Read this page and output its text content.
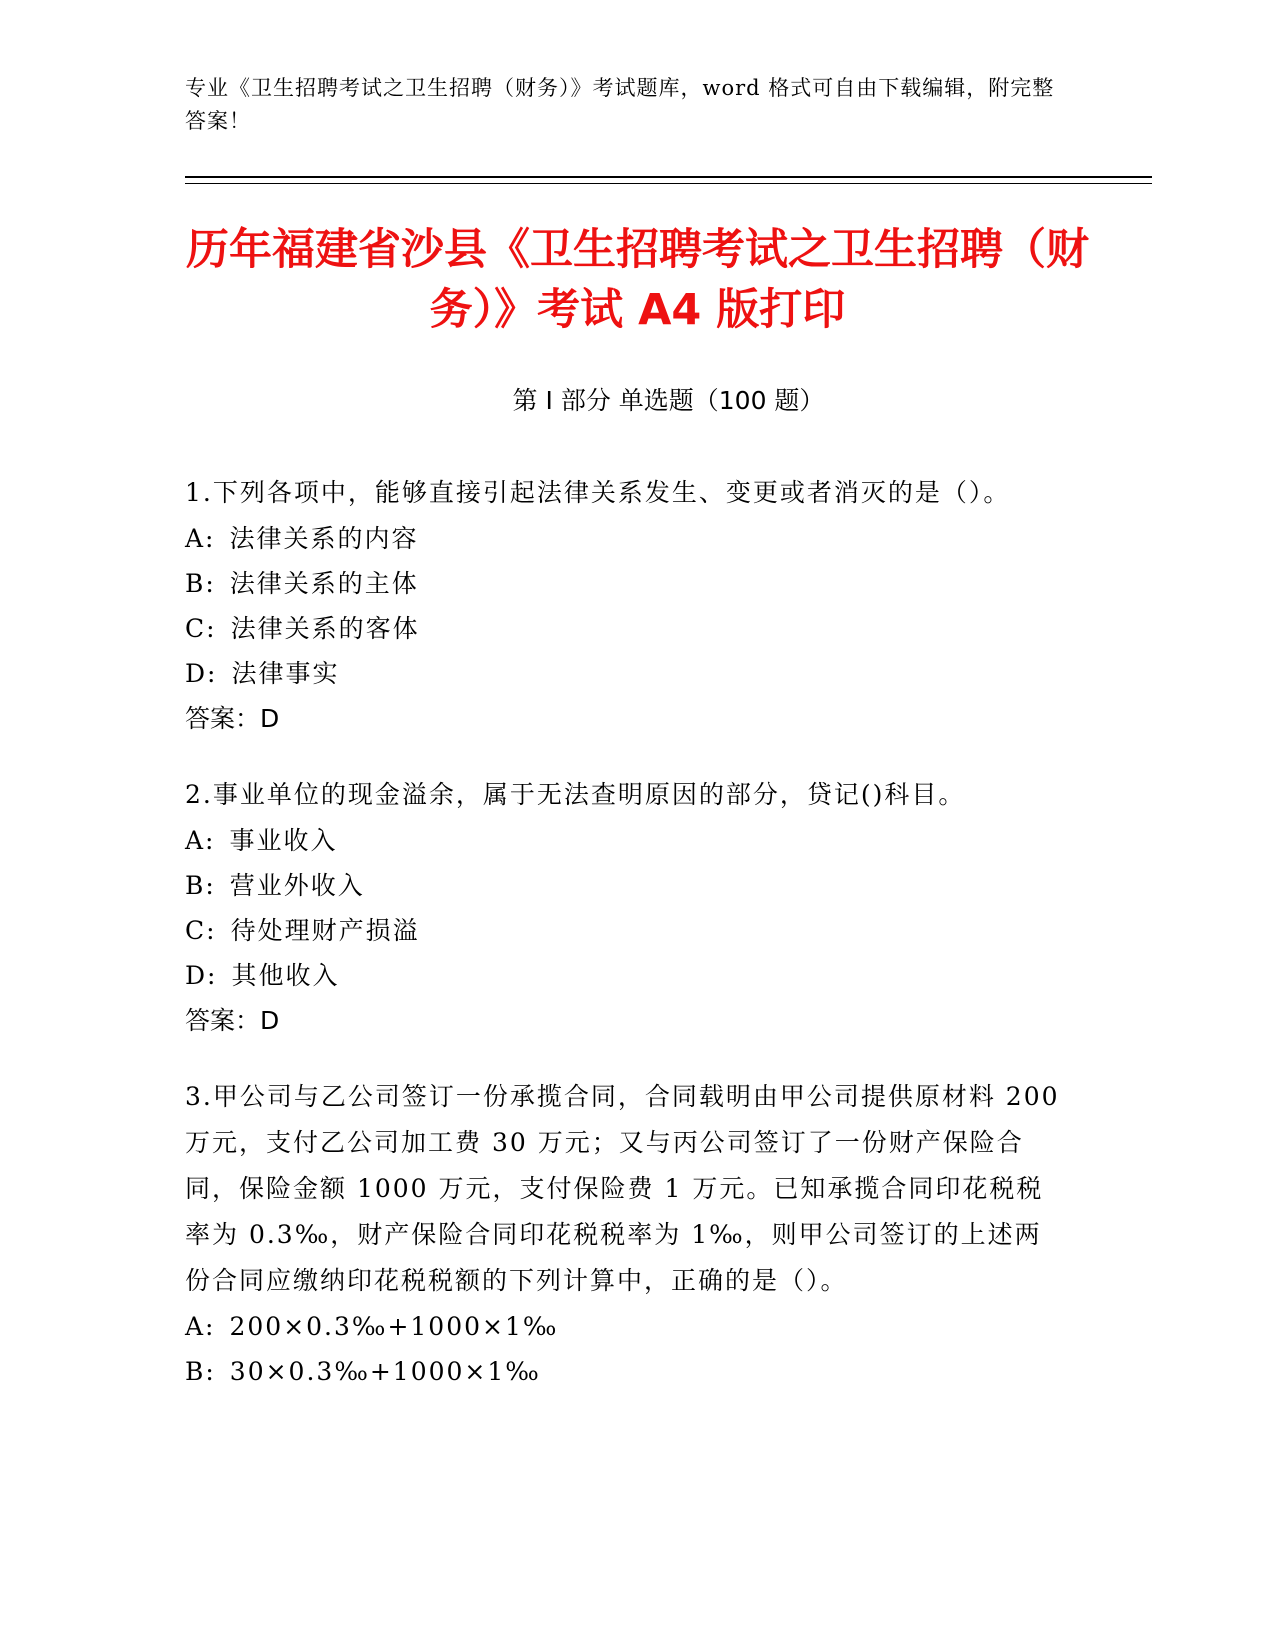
专业《卫生招聘考试之卫生招聘（财务）》考试题库，word 格式可自由下载编辑，附完整答案！
历年福建省沙县《卫生招聘考试之卫生招聘（财务）》考试 A4 版打印
第 I 部分 单选题（100 题）

1.下列各项中，能够直接引起法律关系发生、变更或者消灭的是（）。

A: 法律关系的内容

B: 法律关系的主体

C: 法律关系的客体

D: 法律事实

答案：D

2.事业单位的现金溢余，属于无法查明原因的部分，贷记()科目。

A: 事业收入

B: 营业外收入

C: 待处理财产损溢

D: 其他收入

答案：D

3.甲公司与乙公司签订一份承揽合同，合同载明由甲公司提供原材料 200 万元，支付乙公司加工费 30 万元；又与丙公司签订了一份财产保险合同，保险金额 1000 万元，支付保险费 1 万元。已知承揽合同印花税税率为 0.3‰，财产保险合同印花税税率为 1‰，则甲公司签订的上述两份合同应缴纳印花税税额的下列计算中，正确的是（）。

A: 200×0.3‰+1000×1‰

B: 30×0.3‰+1000×1‰
